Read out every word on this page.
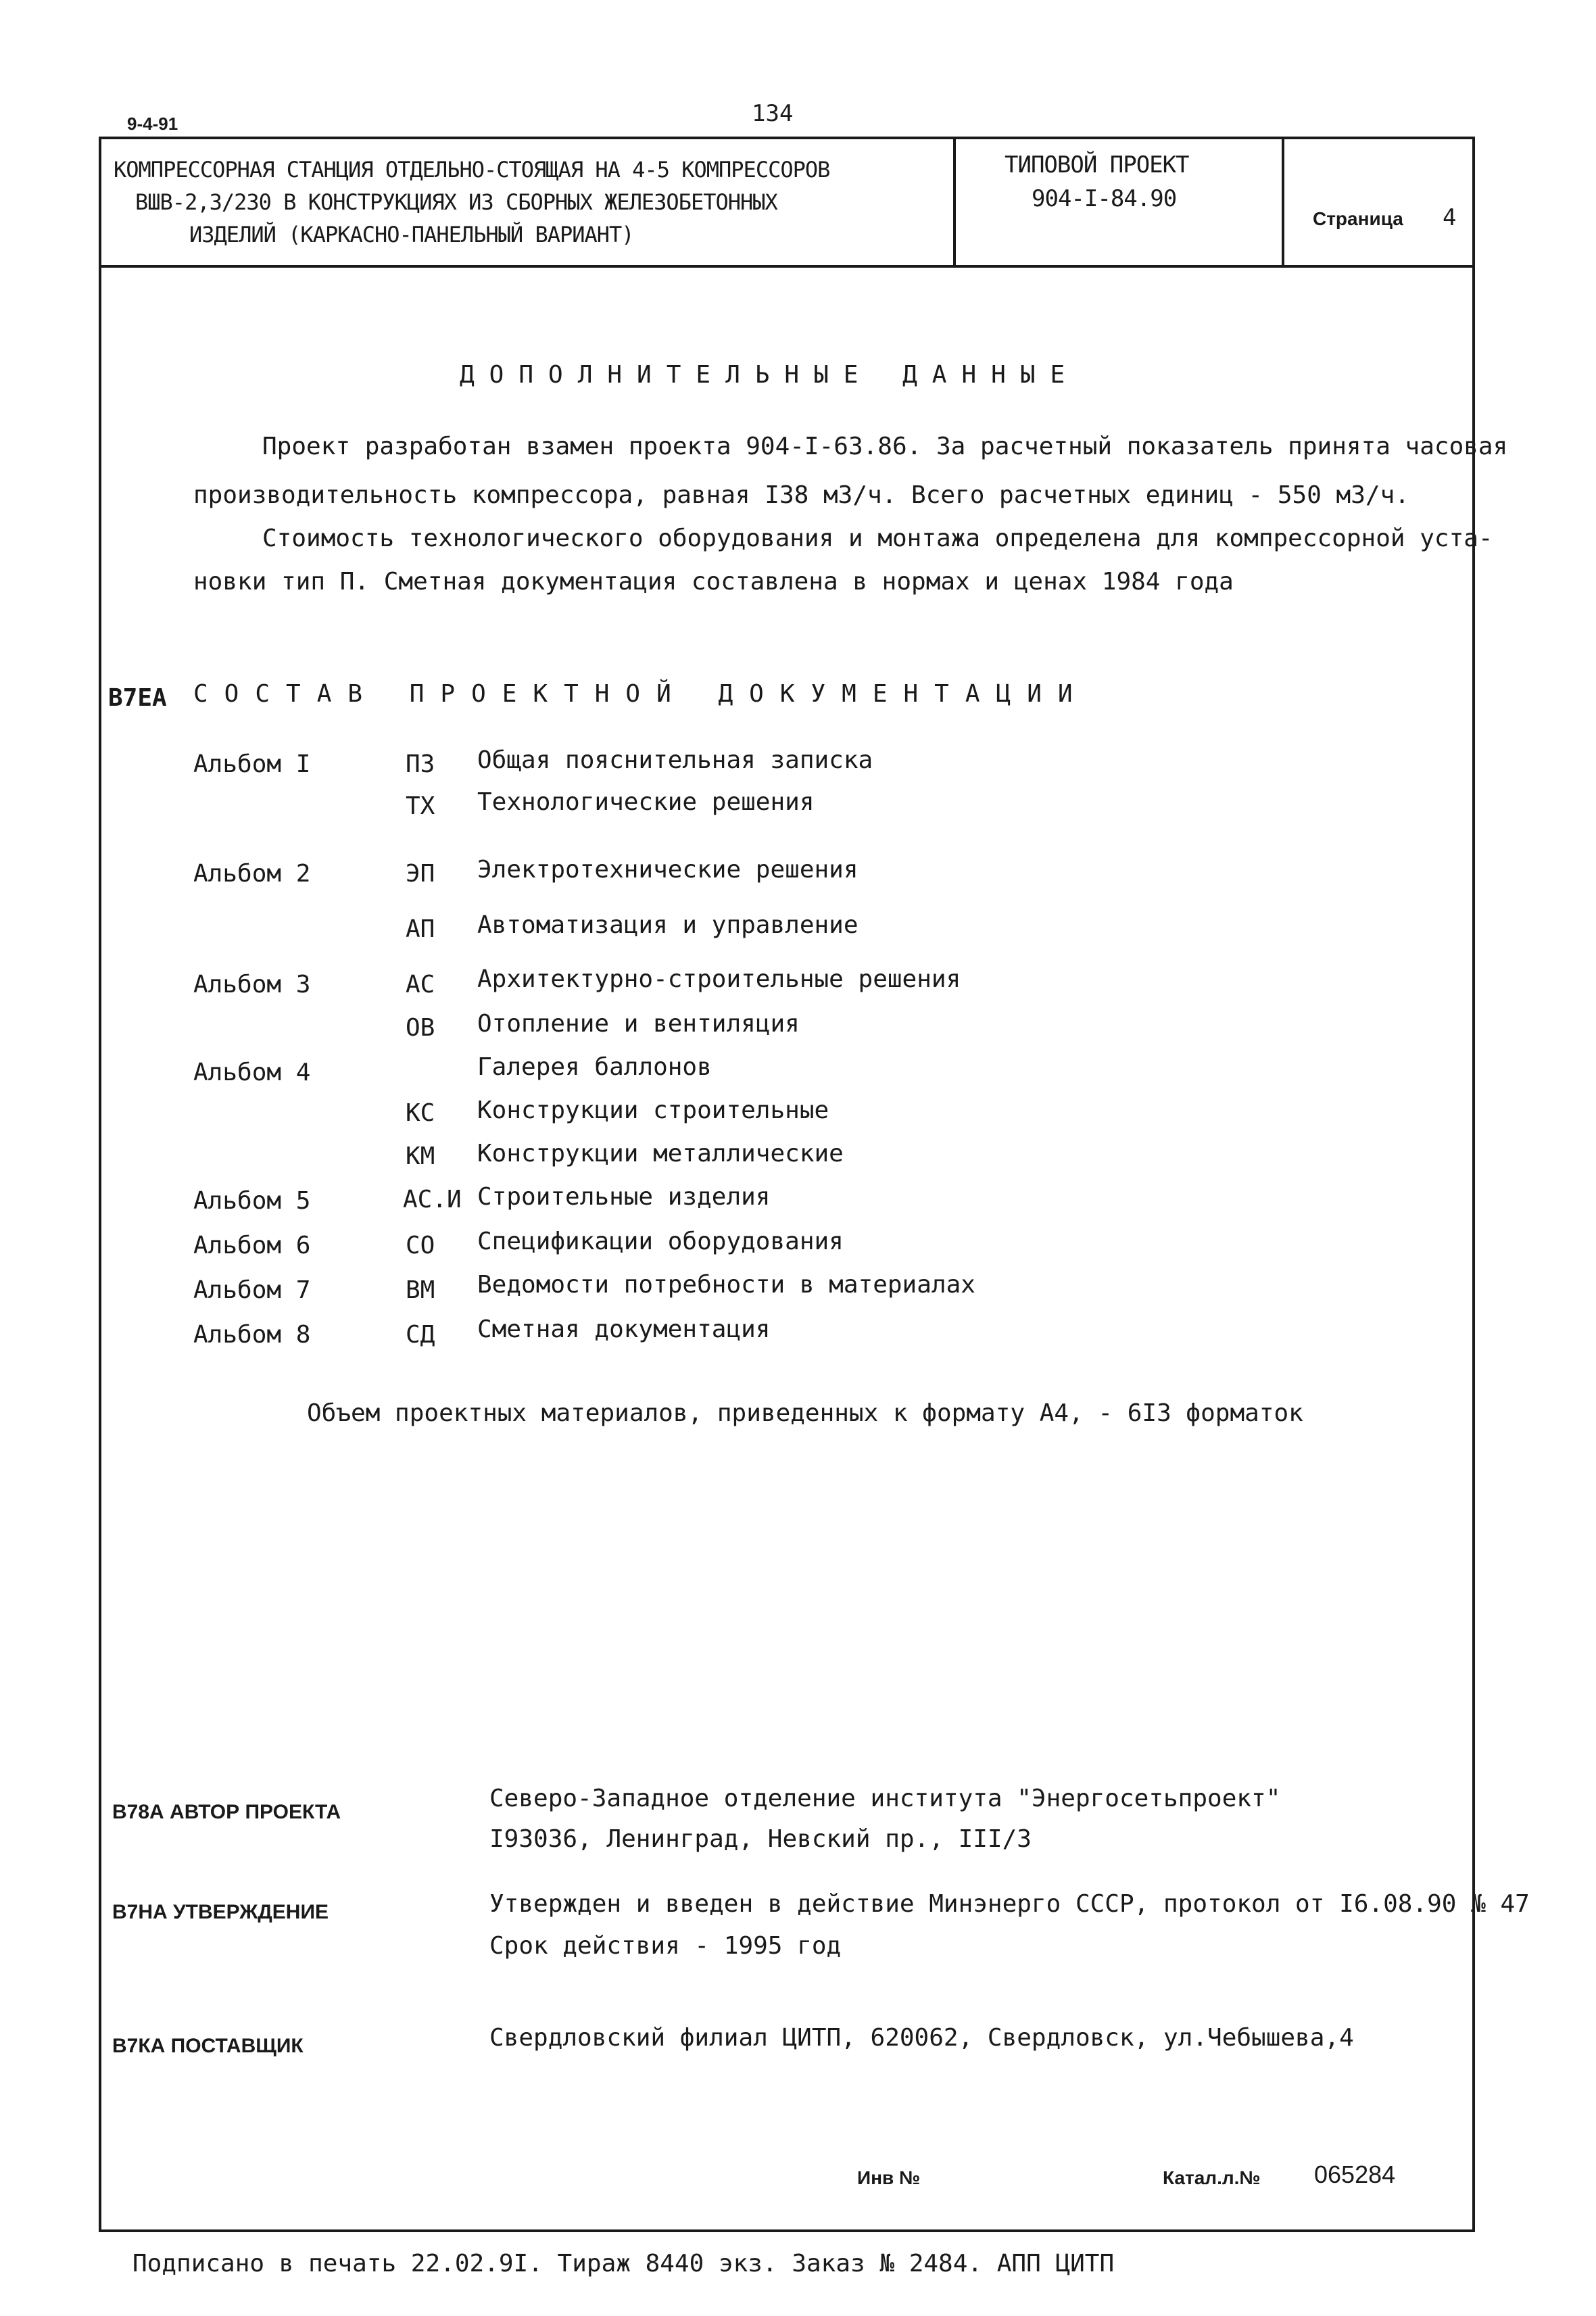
9-4-91	134
КОМПРЕССОРНАЯ СТАНЦИЯ ОТДЕЛЬНО-СТОЯЩАЯ НА 4-5 КОМПРЕССОРОВ
ВШВ-2,3/230 В КОНСТРУКЦИЯХ ИЗ СБОРНЫХ ЖЕЛЕЗОБЕТОННЫХ
ИЗДЕЛИЙ (КАРКАСНО-ПАНЕЛЬНЫЙ ВАРИАНТ)
ТИПОВОЙ ПРОЕКТ
904-I-84.90
Страница 4
ДОПОЛНИТЕЛЬНЫЕ ДАННЫЕ
Проект разработан взамен проекта 904-I-63.86. За расчетный показатель принята часовая
производительность компрессора, равная I38 м3/ч. Всего расчетных единиц - 550 м3/ч.
Стоимость технологического оборудования и монтажа определена для компрессорной уста-
новки тип П. Сметная документация составлена в нормах и ценах 1984 года
В7ЕА СОСТАВ ПРОЕКТНОЙ ДОКУМЕНТАЦИИ
Альбом I	ПЗ Общая пояснительная записка
ТХ Технологические решения
Альбом 2	ЭП Электротехнические решения
АП Автоматизация и управление
Альбом 3	АС Архитектурно-строительные решения
ОВ Отопление и вентиляция
Альбом 4	Галерея баллонов
КС Конструкции строительные
КМ Конструкции металлические
Альбом 5	АС.И Строительные изделия
Альбом 6	СО Спецификации оборудования
Альбом 7	ВМ Ведомости потребности в материалах
Альбом 8	СД Сметная документация
Объем проектных материалов, приведенных к формату А4, - 6I3 форматок
В78А АВТОР ПРОЕКТА	Северо-Западное отделение института "Энергосетьпроект"
I93036, Ленинград, Невский пр., III/3
В7НА УТВЕРЖДЕНИЕ	Утвержден и введен в действие Минэнерго СССР, протокол от I6.08.90 № 47
Срок действия - 1995 год
В7КА ПОСТАВЩИК	Свердловский филиал ЦИТП, 620062, Свердловск, ул.Чебышева,4
Инв №	Катал.л.№ 065284
Подписано в печать 22.02.9I. Тираж 8440 экз. Заказ № 2484. АПП ЦИТП
